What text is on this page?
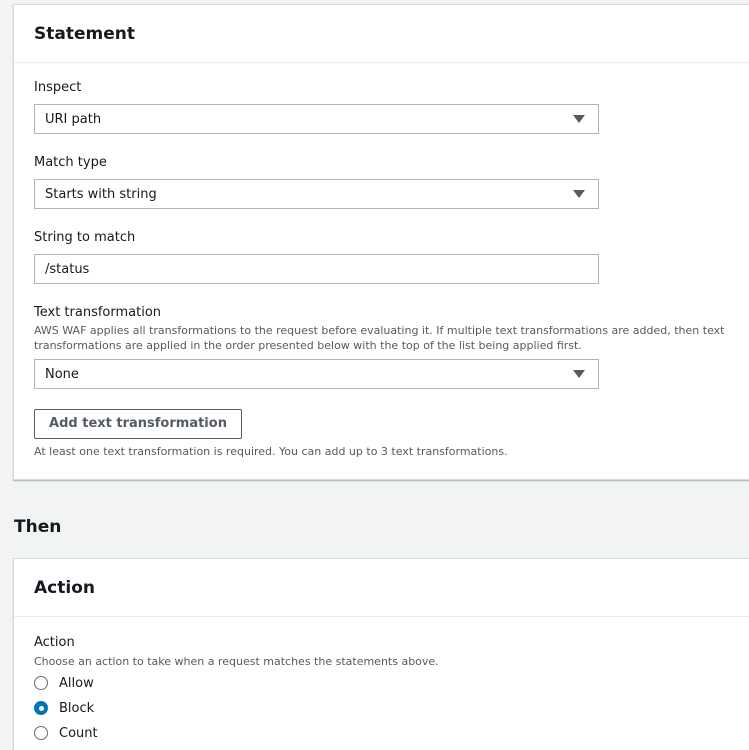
Statement
Inspect
URI path
Match type
Starts with string
String to match
/status
Text transformation
AWS WAF applies all transformations to the request before evaluating it. If multiple text transformations are added, then text transformations are applied in the order presented below with the top of the list being applied first.
None
Add text transformation
At least one text transformation is required. You can add up to 3 text transformations.
Then
Action
Action
Choose an action to take when a request matches the statements above.
Allow
Block
Count
